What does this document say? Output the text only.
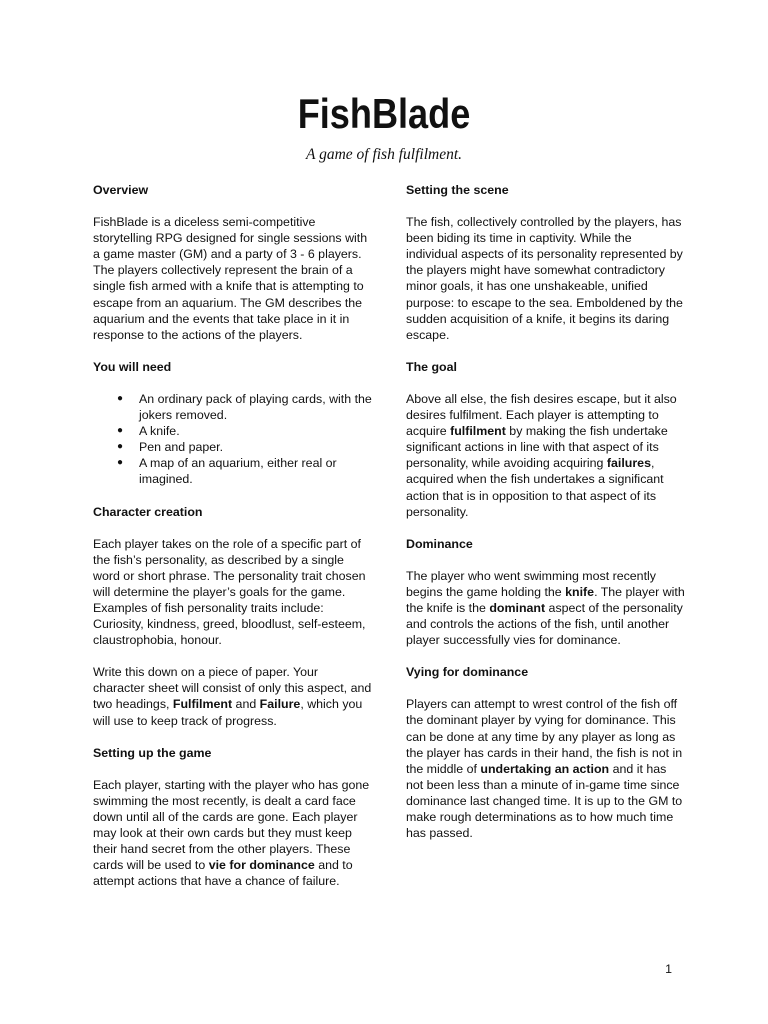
FishBlade
A game of fish fulfilment.
Overview

FishBlade is a diceless semi-competitive storytelling RPG designed for single sessions with a game master (GM) and a party of 3 - 6 players. The players collectively represent the brain of a single fish armed with a knife that is attempting to escape from an aquarium. The GM describes the aquarium and the events that take place in it in response to the actions of the players.

You will need
● An ordinary pack of playing cards, with the jokers removed.
● A knife.
● Pen and paper.
● A map of an aquarium, either real or imagined.
Character creation

Each player takes on the role of a specific part of the fish’s personality, as described by a single word or short phrase. The personality trait chosen will determine the player’s goals for the game. Examples of fish personality traits include: Curiosity, kindness, greed, bloodlust, self-esteem, claustrophobia, honour.

Write this down on a piece of paper. Your character sheet will consist of only this aspect, and two headings, Fulfilment and Failure, which you will use to keep track of progress.

Setting up the game

Each player, starting with the player who has gone swimming the most recently, is dealt a card face down until all of the cards are gone. Each player may look at their own cards but they must keep their hand secret from the other players. These cards will be used to vie for dominance and to attempt actions that have a chance of failure.

Setting the scene

The fish, collectively controlled by the players, has been biding its time in captivity. While the individual aspects of its personality represented by the players might have somewhat contradictory minor goals, it has one unshakeable, unified purpose: to escape to the sea. Emboldened by the sudden acquisition of a knife, it begins its daring escape.

The goal

Above all else, the fish desires escape, but it also desires fulfilment. Each player is attempting to acquire fulfilment by making the fish undertake significant actions in line with that aspect of its personality, while avoiding acquiring failures, acquired when the fish undertakes a significant action that is in opposition to that aspect of its personality.

Dominance

The player who went swimming most recently begins the game holding the knife. The player with the knife is the dominant aspect of the personality and controls the actions of the fish, until another player successfully vies for dominance.

Vying for dominance

Players can attempt to wrest control of the fish off the dominant player by vying for dominance. This can be done at any time by any player as long as the player has cards in their hand, the fish is not in the middle of undertaking an action and it has not been less than a minute of in-game time since dominance last changed time. It is up to the GM to make rough determinations as to how much time has passed.

1
